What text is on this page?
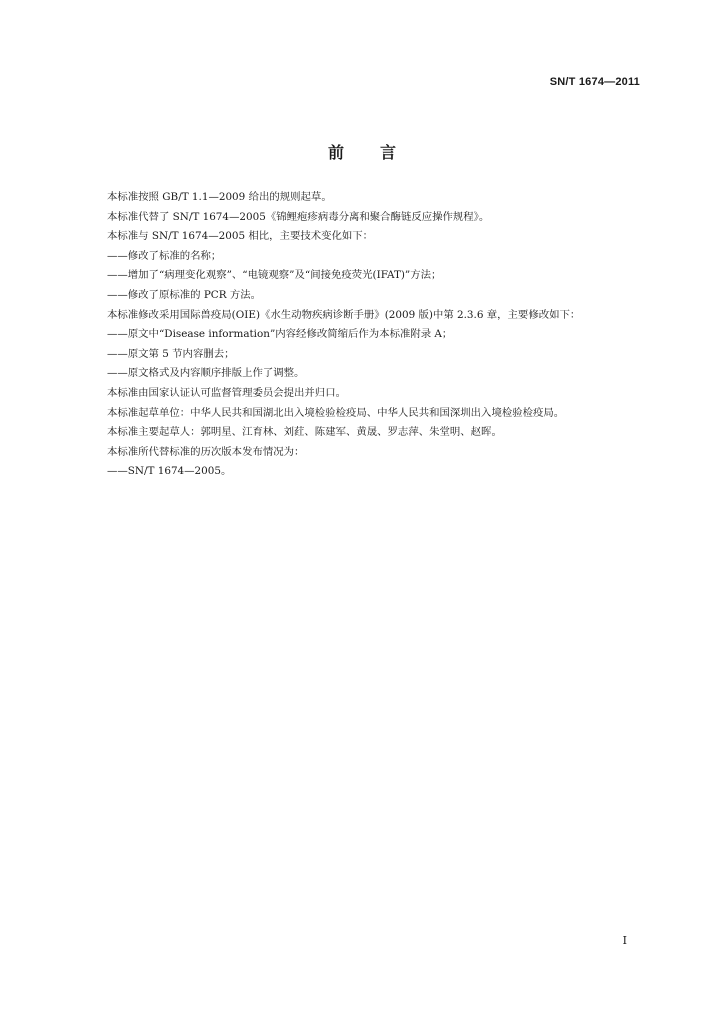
SN/T 1674—2011
前言

本标准按照 GB/T 1.1—2009 给出的规则起草。

本标准代替了 SN/T 1674—2005《锦鲤疱疹病毒分离和聚合酶链反应操作规程》。

本标准与 SN/T 1674—2005 相比，主要技术变化如下：

——修改了标准的名称；

——增加了“病理变化观察”、“电镜观察”及“间接免疫荧光(IFAT)”方法；

——修改了原标准的 PCR 方法。

本标准修改采用国际兽疫局(OIE)《水生动物疾病诊断手册》(2009 版)中第 2.3.6 章，主要修改如下：

——原文中“Disease information”内容经修改简缩后作为本标准附录 A；

——原文第 5 节内容删去；

——原文格式及内容顺序排版上作了调整。

本标准由国家认证认可监督管理委员会提出并归口。

本标准起草单位：中华人民共和国湖北出入境检验检疫局、中华人民共和国深圳出入境检验检疫局。

本标准主要起草人：郭明星、江育林、刘荭、陈建军、黄晟、罗志萍、朱堂明、赵晖。

本标准所代替标准的历次版本发布情况为：

——SN/T 1674—2005。

I
